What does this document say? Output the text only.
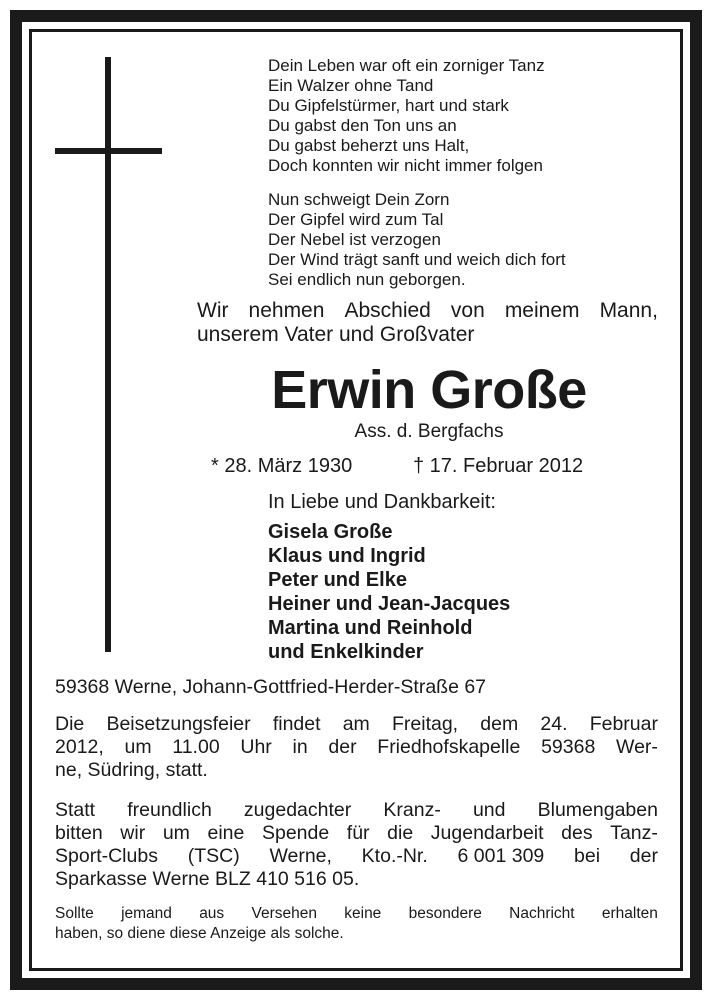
Dein Leben war oft ein zorniger Tanz
Ein Walzer ohne Tand
Du Gipfelstürmer, hart und stark
Du gabst den Ton uns an
Du gabst beherzt uns Halt,
Doch konnten wir nicht immer folgen
Nun schweigt Dein Zorn
Der Gipfel wird zum Tal
Der Nebel ist verzogen
Der Wind trägt sanft und weich dich fort
Sei endlich nun geborgen.
Wir nehmen Abschied von meinem Mann,
unserem Vater und Großvater
Erwin Große
Ass. d. Bergfachs
* 28. März 1930	† 17. Februar 2012
In Liebe und Dankbarkeit:
Gisela Große
Klaus und Ingrid
Peter und Elke
Heiner und Jean-Jacques
Martina und Reinhold
und Enkelkinder
59368 Werne, Johann-Gottfried-Herder-Straße 67
Die Beisetzungsfeier findet am Freitag, dem 24. Februar
2012, um 11.00 Uhr in der Friedhofskapelle 59368 Wer-
ne, Südring, statt.
Statt freundlich zugedachter Kranz- und Blumengaben
bitten wir um eine Spende für die Jugendarbeit des Tanz-
Sport-Clubs (TSC) Werne, Kto.-Nr. 6 001 309 bei der
Sparkasse Werne BLZ 410 516 05.
Sollte jemand aus Versehen keine besondere Nachricht erhalten
haben, so diene diese Anzeige als solche.
